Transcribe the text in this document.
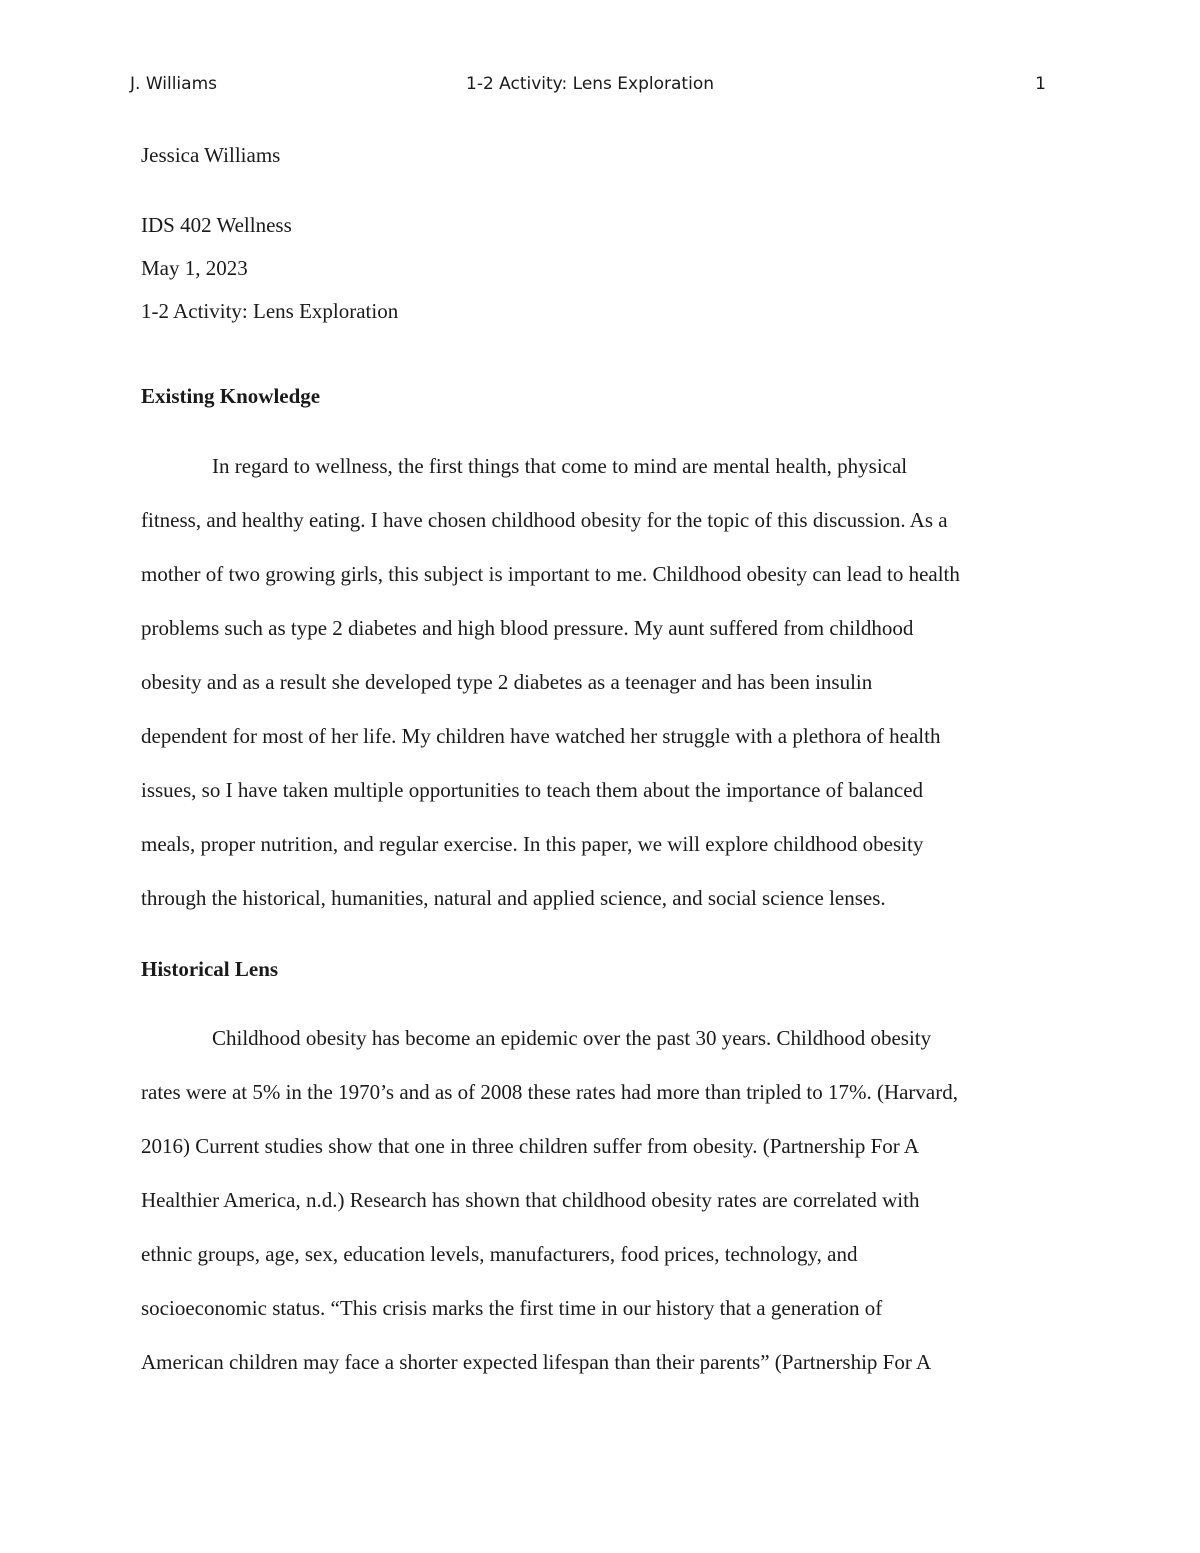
J. Williams	1-2 Activity: Lens Exploration	1
Jessica Williams
IDS 402 Wellness
May 1, 2023
1-2 Activity: Lens Exploration
Existing Knowledge
In regard to wellness, the first things that come to mind are mental health, physical
fitness, and healthy eating. I have chosen childhood obesity for the topic of this discussion. As a
mother of two growing girls, this subject is important to me. Childhood obesity can lead to health
problems such as type 2 diabetes and high blood pressure. My aunt suffered from childhood
obesity and as a result she developed type 2 diabetes as a teenager and has been insulin
dependent for most of her life. My children have watched her struggle with a plethora of health
issues, so I have taken multiple opportunities to teach them about the importance of balanced
meals, proper nutrition, and regular exercise. In this paper, we will explore childhood obesity
through the historical, humanities, natural and applied science, and social science lenses.
Historical Lens
Childhood obesity has become an epidemic over the past 30 years. Childhood obesity
rates were at 5% in the 1970’s and as of 2008 these rates had more than tripled to 17%. (Harvard,
2016) Current studies show that one in three children suffer from obesity. (Partnership For A
Healthier America, n.d.) Research has shown that childhood obesity rates are correlated with
ethnic groups, age, sex, education levels, manufacturers, food prices, technology, and
socioeconomic status. “This crisis marks the first time in our history that a generation of
American children may face a shorter expected lifespan than their parents” (Partnership For A
